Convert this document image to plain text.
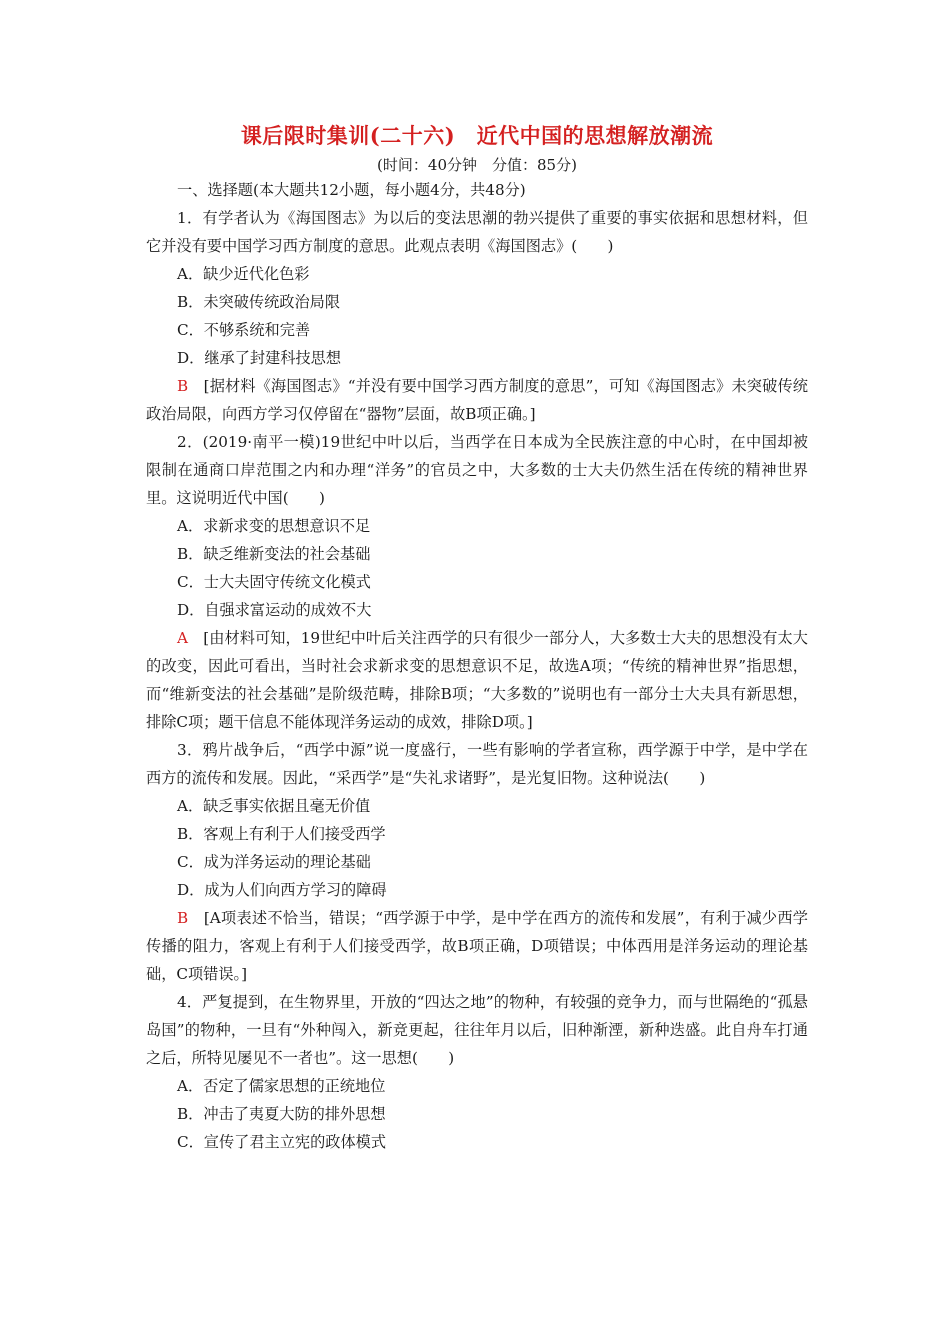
课后限时集训(二十六)　近代中国的思想解放潮流

(时间：40分钟　分值：85分)

一、选择题(本大题共12小题，每小题4分，共48分)

1．有学者认为《海国图志》为以后的变法思潮的勃兴提供了重要的事实依据和思想材料，但它并没有要中国学习西方制度的意思。此观点表明《海国图志》(　　)

A．缺少近代化色彩

B．未突破传统政治局限

C．不够系统和完善

D．继承了封建科技思想

B　[据材料《海国图志》“并没有要中国学习西方制度的意思”，可知《海国图志》未突破传统政治局限，向西方学习仅停留在“器物”层面，故B项正确。]

2．(2019·南平一模)19世纪中叶以后，当西学在日本成为全民族注意的中心时，在中国却被限制在通商口岸范围之内和办理“洋务”的官员之中，大多数的士大夫仍然生活在传统的精神世界里。这说明近代中国(　　)

A．求新求变的思想意识不足

B．缺乏维新变法的社会基础

C．士大夫固守传统文化模式

D．自强求富运动的成效不大

A　[由材料可知，19世纪中叶后关注西学的只有很少一部分人，大多数士大夫的思想没有太大的改变，因此可看出，当时社会求新求变的思想意识不足，故选A项；“传统的精神世界”指思想，而“维新变法的社会基础”是阶级范畴，排除B项；“大多数的”说明也有一部分士大夫具有新思想，排除C项；题干信息不能体现洋务运动的成效，排除D项。]

3．鸦片战争后，“西学中源”说一度盛行，一些有影响的学者宣称，西学源于中学，是中学在西方的流传和发展。因此，“采西学”是“失礼求诸野”，是光复旧物。这种说法(　　)

A．缺乏事实依据且毫无价值

B．客观上有利于人们接受西学

C．成为洋务运动的理论基础

D．成为人们向西方学习的障碍

B　[A项表述不恰当，错误；“西学源于中学，是中学在西方的流传和发展”，有利于减少西学传播的阻力，客观上有利于人们接受西学，故B项正确，D项错误；中体西用是洋务运动的理论基础，C项错误。]

4．严复提到，在生物界里，开放的“四达之地”的物种，有较强的竞争力，而与世隔绝的“孤悬岛国”的物种，一旦有“外种闯入，新竞更起，往往年月以后，旧种渐湮，新种迭盛。此自舟车打通之后，所特见屡见不一者也”。这一思想(　　)

A．否定了儒家思想的正统地位

B．冲击了夷夏大防的排外思想

C．宣传了君主立宪的政体模式
